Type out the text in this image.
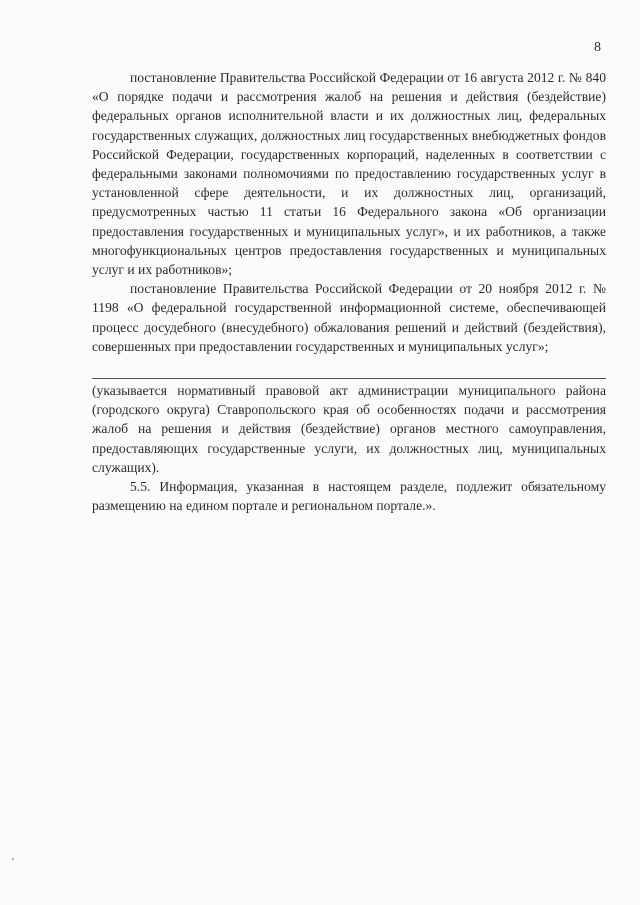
8

постановление Правительства Российской Федерации от 16 августа 2012 г. № 840 «О порядке подачи и рассмотрения жалоб на решения и действия (бездействие) федеральных органов исполнительной власти и их должностных лиц, федеральных государственных служащих, должностных лиц государственных внебюджетных фондов Российской Федерации, государственных корпораций, наделенных в соответствии с федеральными законами полномочиями по предоставлению государственных услуг в установленной сфере деятельности, и их должностных лиц, организаций, предусмотренных частью 11 статьи 16 Федерального закона «Об организации предоставления государственных и муниципальных услуг», и их работников, а также многофункциональных центров предоставления государственных и муниципальных услуг и их работников»;

постановление Правительства Российской Федерации от 20 ноября 2012 г. № 1198 «О федеральной государственной информационной системе, обеспечивающей процесс досудебного (внесудебного) обжалования решений и действий (бездействия), совершенных при предоставлении государственных и муниципальных услуг»;

(указывается нормативный правовой акт администрации муниципального района (городского округа) Ставропольского края об особенностях подачи и рассмотрения жалоб на решения и действия (бездействие) органов местного самоуправления, предоставляющих государственные услуги, их должностных лиц, муниципальных служащих).

5.5. Информация, указанная в настоящем разделе, подлежит обязательному размещению на едином портале и региональном портале.».
